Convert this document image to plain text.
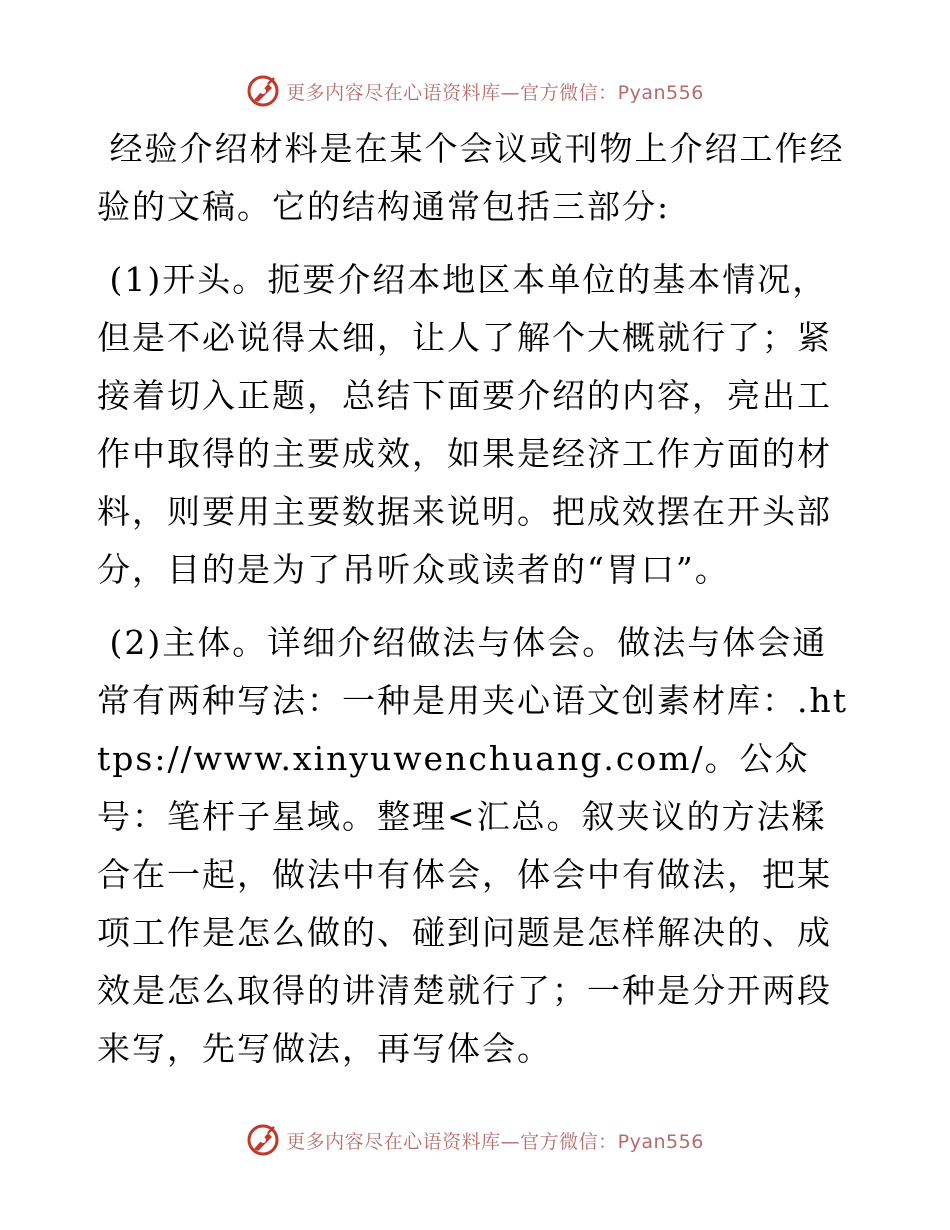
更多内容尽在心语资料库—官方微信：Pyan556

经验介绍材料是在某个会议或刊物上介绍工作经验的文稿。它的结构通常包括三部分:

(1)开头。扼要介绍本地区本单位的基本情况，但是不必说得太细，让人了解个大概就行了；紧接着切入正题，总结下面要介绍的内容，亮出工作中取得的主要成效，如果是经济工作方面的材料，则要用主要数据来说明。把成效摆在开头部分，目的是为了吊听众或读者的“胃口”。

(2)主体。详细介绍做法与体会。做法与体会通常有两种写法：一种是用夹心语文创素材库：.https://www.xinyuwenchuang.com/。公众号：笔杆子星域。整理<汇总。叙夹议的方法糅合在一起，做法中有体会，体会中有做法，把某项工作是怎么做的、碰到问题是怎样解决的、成效是怎么取得的讲清楚就行了；一种是分开两段来写，先写做法，再写体会。

更多内容尽在心语资料库—官方微信：Pyan556
